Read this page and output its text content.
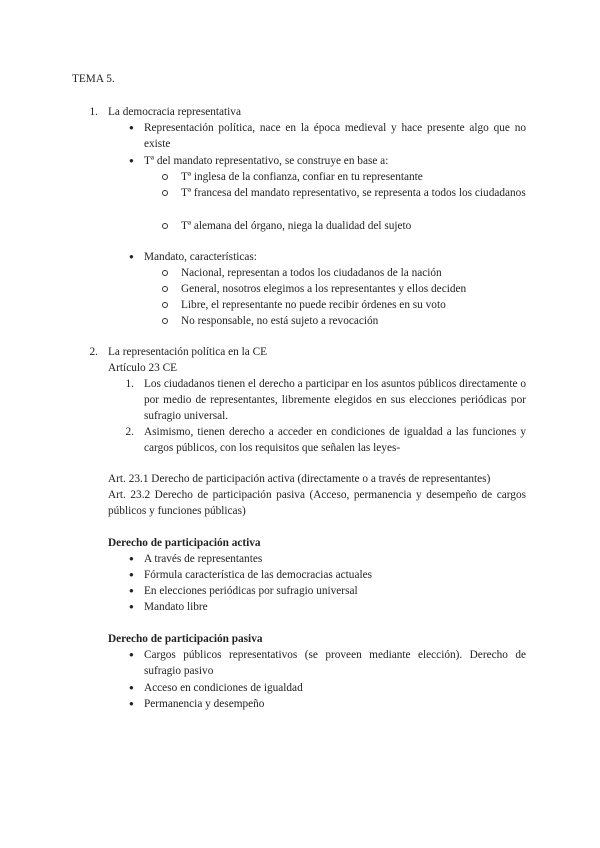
TEMA 5.
1. La democracia representativa
● Representación política, nace en la época medieval y hace presente algo que no existe
● Tª del mandato representativo, se construye en base a:
Tª inglesa de la confianza, confiar en tu representante
Tª francesa del mandato representativo, se representa a todos los ciudadanos
Tª alemana del órgano, niega la dualidad del sujeto
● Mandato, características:
Nacional, representan a todos los ciudadanos de la nación
General, nosotros elegimos a los representantes y ellos deciden
Libre, el representante no puede recibir órdenes en su voto
No responsable, no está sujeto a revocación
2. La representación política en la CE
Artículo 23 CE
1. Los ciudadanos tienen el derecho a participar en los asuntos públicos directamente o por medio de representantes, libremente elegidos en sus elecciones periódicas por sufragio universal.
2. Asimismo, tienen derecho a acceder en condiciones de igualdad a las funciones y cargos públicos, con los requisitos que señalen las leyes-
Art. 23.1 Derecho de participación activa (directamente o a través de representantes)
Art. 23.2 Derecho de participación pasiva (Acceso, permanencia y desempeño de cargos públicos y funciones públicas)
Derecho de participación activa
● A través de representantes
● Fórmula característica de las democracias actuales
● En elecciones periódicas por sufragio universal
● Mandato libre
Derecho de participación pasiva
● Cargos públicos representativos (se proveen mediante elección). Derecho de sufragio pasivo
● Acceso en condiciones de igualdad
● Permanencia y desempeño
